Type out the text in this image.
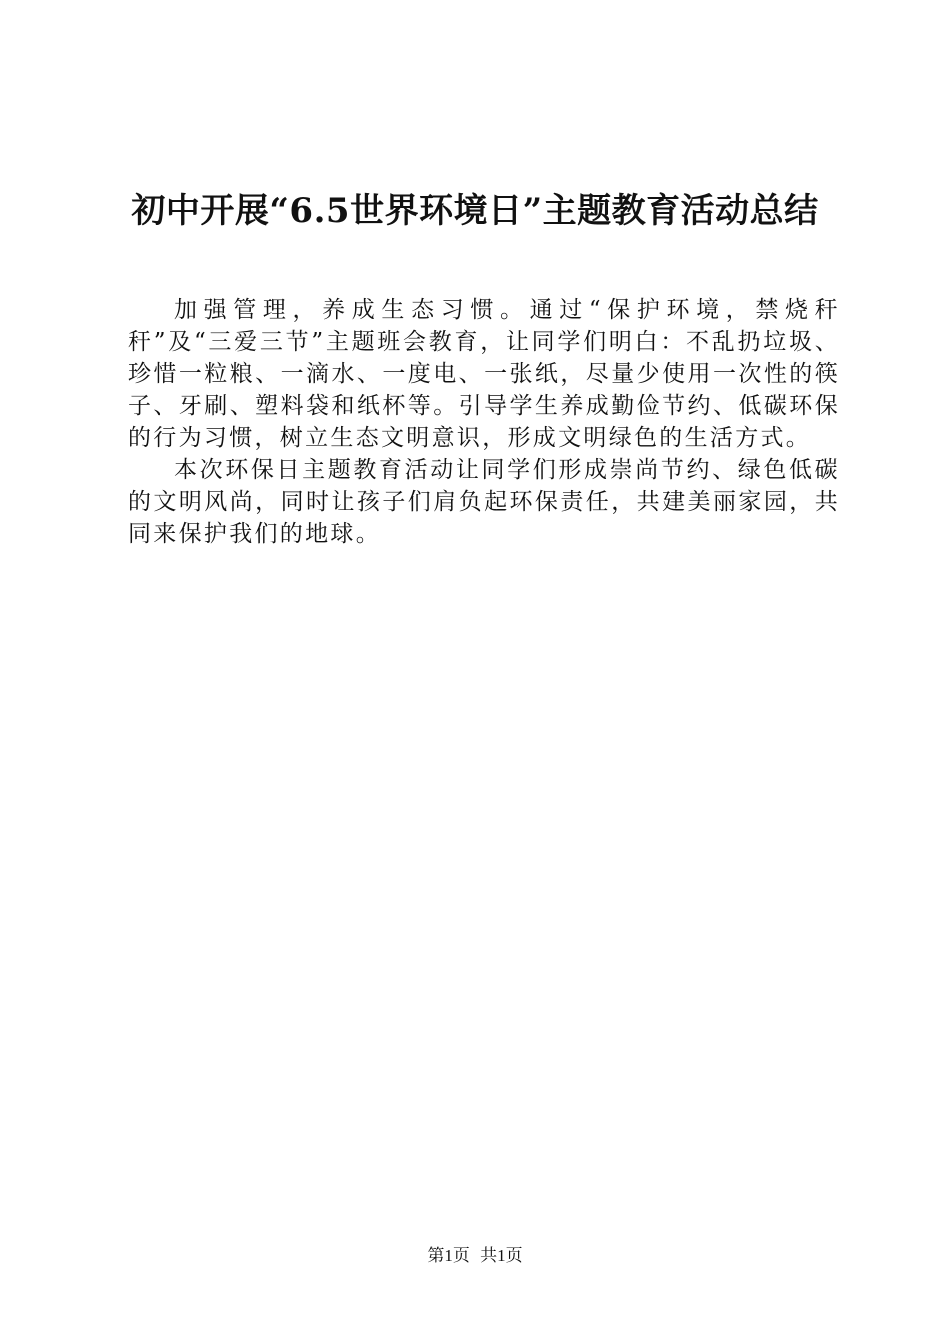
初中开展“6.5世界环境日”主题教育活动总结

加强管理，养成生态习惯。通过“保护环境，禁烧秆秆”及“三爱三节”主题班会教育，让同学们明白：不乱扔垃圾、珍惜一粒粮、一滴水、一度电、一张纸，尽量少使用一次性的筷子、牙刷、塑料袋和纸杯等。引导学生养成勤俭节约、低碳环保的行为习惯，树立生态文明意识，形成文明绿色的生活方式。

本次环保日主题教育活动让同学们形成崇尚节约、绿色低碳的文明风尚，同时让孩子们肩负起环保责任，共建美丽家园，共同来保护我们的地球。

第1页 共1页
